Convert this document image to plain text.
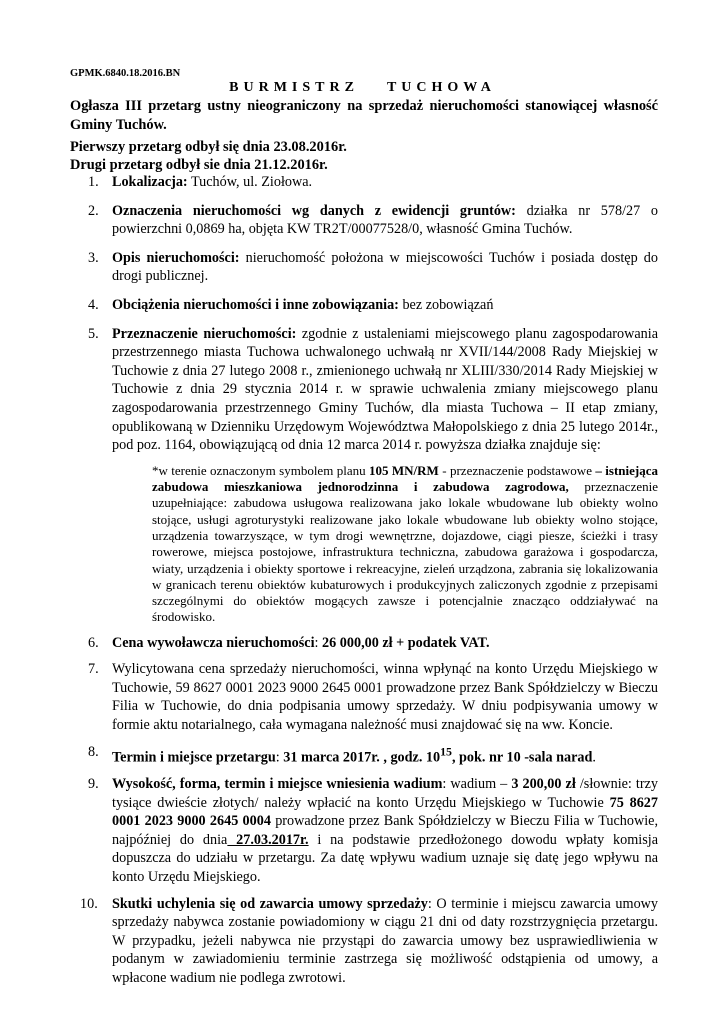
GPMK.6840.18.2016.BN
BURMISTRZ TUCHOWA
Ogłasza III przetarg ustny nieograniczony na sprzedaż nieruchomości stanowiącej własność Gminy Tuchów.
Pierwszy przetarg odbył się dnia 23.08.2016r.
Drugi przetarg odbył sie dnia 21.12.2016r.
1. Lokalizacja: Tuchów, ul. Ziołowa.
2. Oznaczenia nieruchomości wg danych z ewidencji gruntów: działka nr 578/27 o powierzchni 0,0869 ha, objęta KW TR2T/00077528/0, własność Gmina Tuchów.
3. Opis nieruchomości: nieruchomość położona w miejscowości Tuchów i posiada dostęp do drogi publicznej.
4. Obciążenia nieruchomości i inne zobowiązania: bez zobowiązań
5. Przeznaczenie nieruchomości: zgodnie z ustaleniami miejscowego planu zagospodarowania przestrzennego miasta Tuchowa uchwalonego uchwałą nr XVII/144/2008 Rady Miejskiej w Tuchowie z dnia 27 lutego 2008 r., zmienionego uchwałą nr XLIII/330/2014 Rady Miejskiej w Tuchowie z dnia 29 stycznia 2014 r. w sprawie uchwalenia zmiany miejscowego planu zagospodarowania przestrzennego Gminy Tuchów, dla miasta Tuchowa – II etap zmiany, opublikowaną w Dzienniku Urzędowym Województwa Małopolskiego z dnia 25 lutego 2014r., pod poz. 1164, obowiązującą od dnia 12 marca 2014 r. powyższa działka znajduje się:
*w terenie oznaczonym symbolem planu 105 MN/RM - przeznaczenie podstawowe – istniejąca zabudowa mieszkaniowa jednorodzinna i zabudowa zagrodowa, przeznaczenie uzupełniające: zabudowa usługowa realizowana jako lokale wbudowane lub obiekty wolno stojące, usługi agroturystyki realizowane jako lokale wbudowane lub obiekty wolno stojące, urządzenia towarzyszące, w tym drogi wewnętrzne, dojazdowe, ciągi piesze, ścieżki i trasy rowerowe, miejsca postojowe, infrastruktura techniczna, zabudowa garażowa i gospodarcza, wiaty, urządzenia i obiekty sportowe i rekreacyjne, zieleń urządzona, zabrania się lokalizowania w granicach terenu obiektów kubaturowych i produkcyjnych zaliczonych zgodnie z przepisami szczególnymi do obiektów mogących zawsze i potencjalnie znacząco oddziaływać na środowisko.
6. Cena wywoławcza nieruchomości: 26 000,00 zł + podatek VAT.
7. Wylicytowana cena sprzedaży nieruchomości, winna wpłynąć na konto Urzędu Miejskiego w Tuchowie, 59 8627 0001 2023 9000 2645 0001 prowadzone przez Bank Spółdzielczy w Bieczu Filia w Tuchowie, do dnia podpisania umowy sprzedaży. W dniu podpisywania umowy w formie aktu notarialnego, cała wymagana należność musi znajdować się na ww. Koncie.
8. Termin i miejsce przetargu: 31 marca 2017r. , godz. $10^{15}$, pok. nr 10 -sala narad.
9. Wysokość, forma, termin i miejsce wniesienia wadium: wadium – 3 200,00 zł /słownie: trzy tysiące dwieście złotych/ należy wpłacić na konto Urzędu Miejskiego w Tuchowie 75 8627 0001 2023 9000 2645 0004 prowadzone przez Bank Spółdzielczy w Bieczu Filia w Tuchowie, najpóźniej do dnia 27.03.2017r. i na podstawie przedłożonego dowodu wpłaty komisja dopuszcza do udziału w przetargu. Za datę wpływu wadium uznaje się datę jego wpływu na konto Urzędu Miejskiego.
10. Skutki uchylenia się od zawarcia umowy sprzedaży: O terminie i miejscu zawarcia umowy sprzedaży nabywca zostanie powiadomiony w ciągu 21 dni od daty rozstrzygnięcia przetargu. W przypadku, jeżeli nabywca nie przystąpi do zawarcia umowy bez usprawiedliwienia w podanym w zawiadomieniu terminie zastrzega się możliwość odstąpienia od umowy, a wpłacone wadium nie podlega zwrotowi.
